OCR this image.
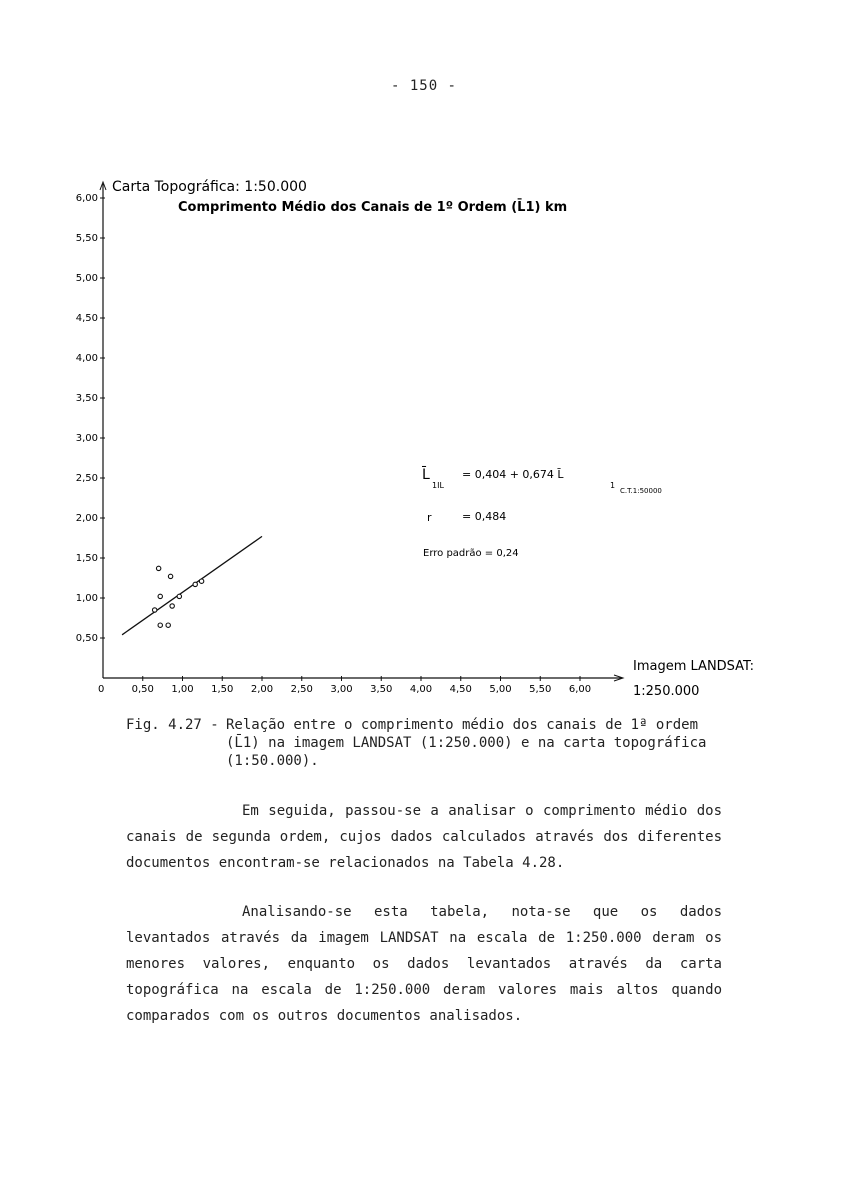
- 150 -
0,50
1,00
1,50
2,00
2,50
3,00
3,50
4,00
4,50
5,00
5,50
6,00
0,50 1,00 1,50 2,00 2,50 3,00 3,50 4,00 4,50 5,00 5,50 6,00
Carta Topográfica: 1:50.000
Comprimento Médio dos Canais de 1º Ordem (L̄1) km
Imagem LANDSAT:
1:250.000
0
L̄
1IL
= 0,404 + 0,674 L̄
1
C.T.1:50000
r	= 0,484
Erro padrão = 0,24
Fig. 4.27 - Relação entre o comprimento médio dos canais de 1ª ordem (L̄1) na imagem LANDSAT (1:250.000) e na carta topográfica (1:50.000).
Em seguida, passou-se a analisar o comprimento médio dos canais de segunda ordem, cujos dados calculados através dos diferentes documentos encontram-se relacionados na Tabela 4.28.
Analisando-se esta tabela, nota-se que os dados levantados através da imagem LANDSAT na escala de 1:250.000 deram os menores valores, enquanto os dados levantados através da carta topográfica na escala de 1:250.000 deram valores mais altos quando comparados com os outros documentos analisados.
